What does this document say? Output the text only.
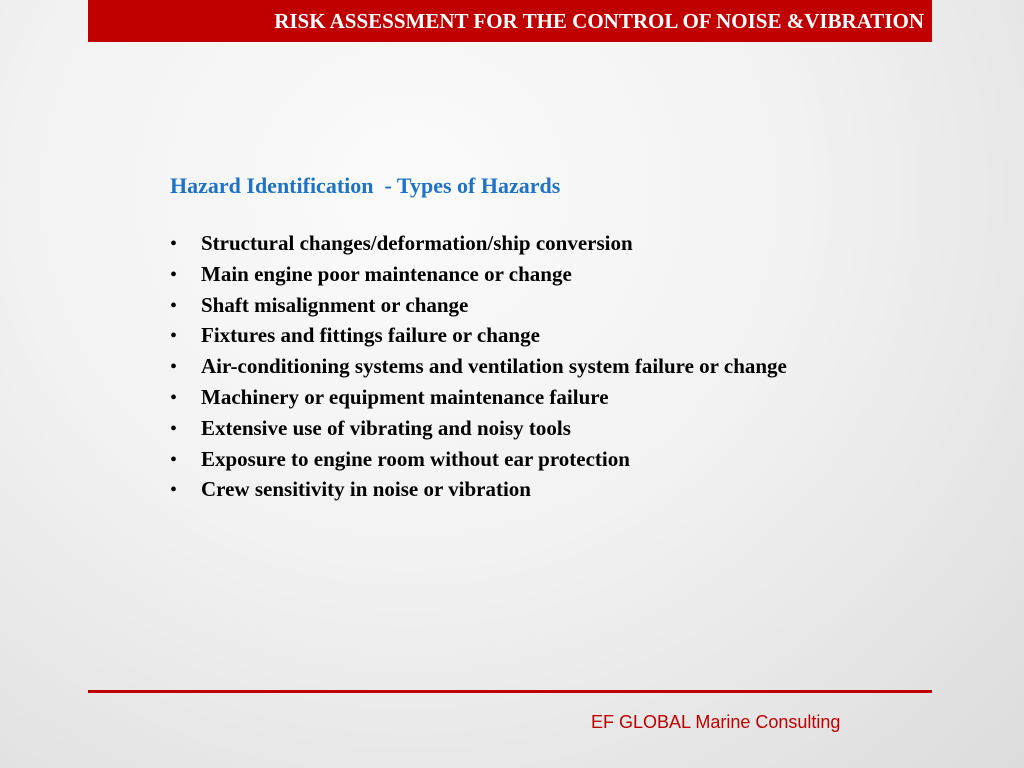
RISK ASSESSMENT FOR THE CONTROL OF NOISE &VIBRATION
Hazard Identification  - Types of Hazards
•	Structural changes/deformation/ship conversion
•	Main engine poor maintenance or change
•	Shaft misalignment or change
•	Fixtures and fittings failure or change
•	Air-conditioning systems and ventilation system failure or change
•	Machinery or equipment maintenance failure
•	Extensive use of vibrating and noisy tools
•	Exposure to engine room without ear protection
•	Crew sensitivity in noise or vibration
EF GLOBAL Marine Consulting
